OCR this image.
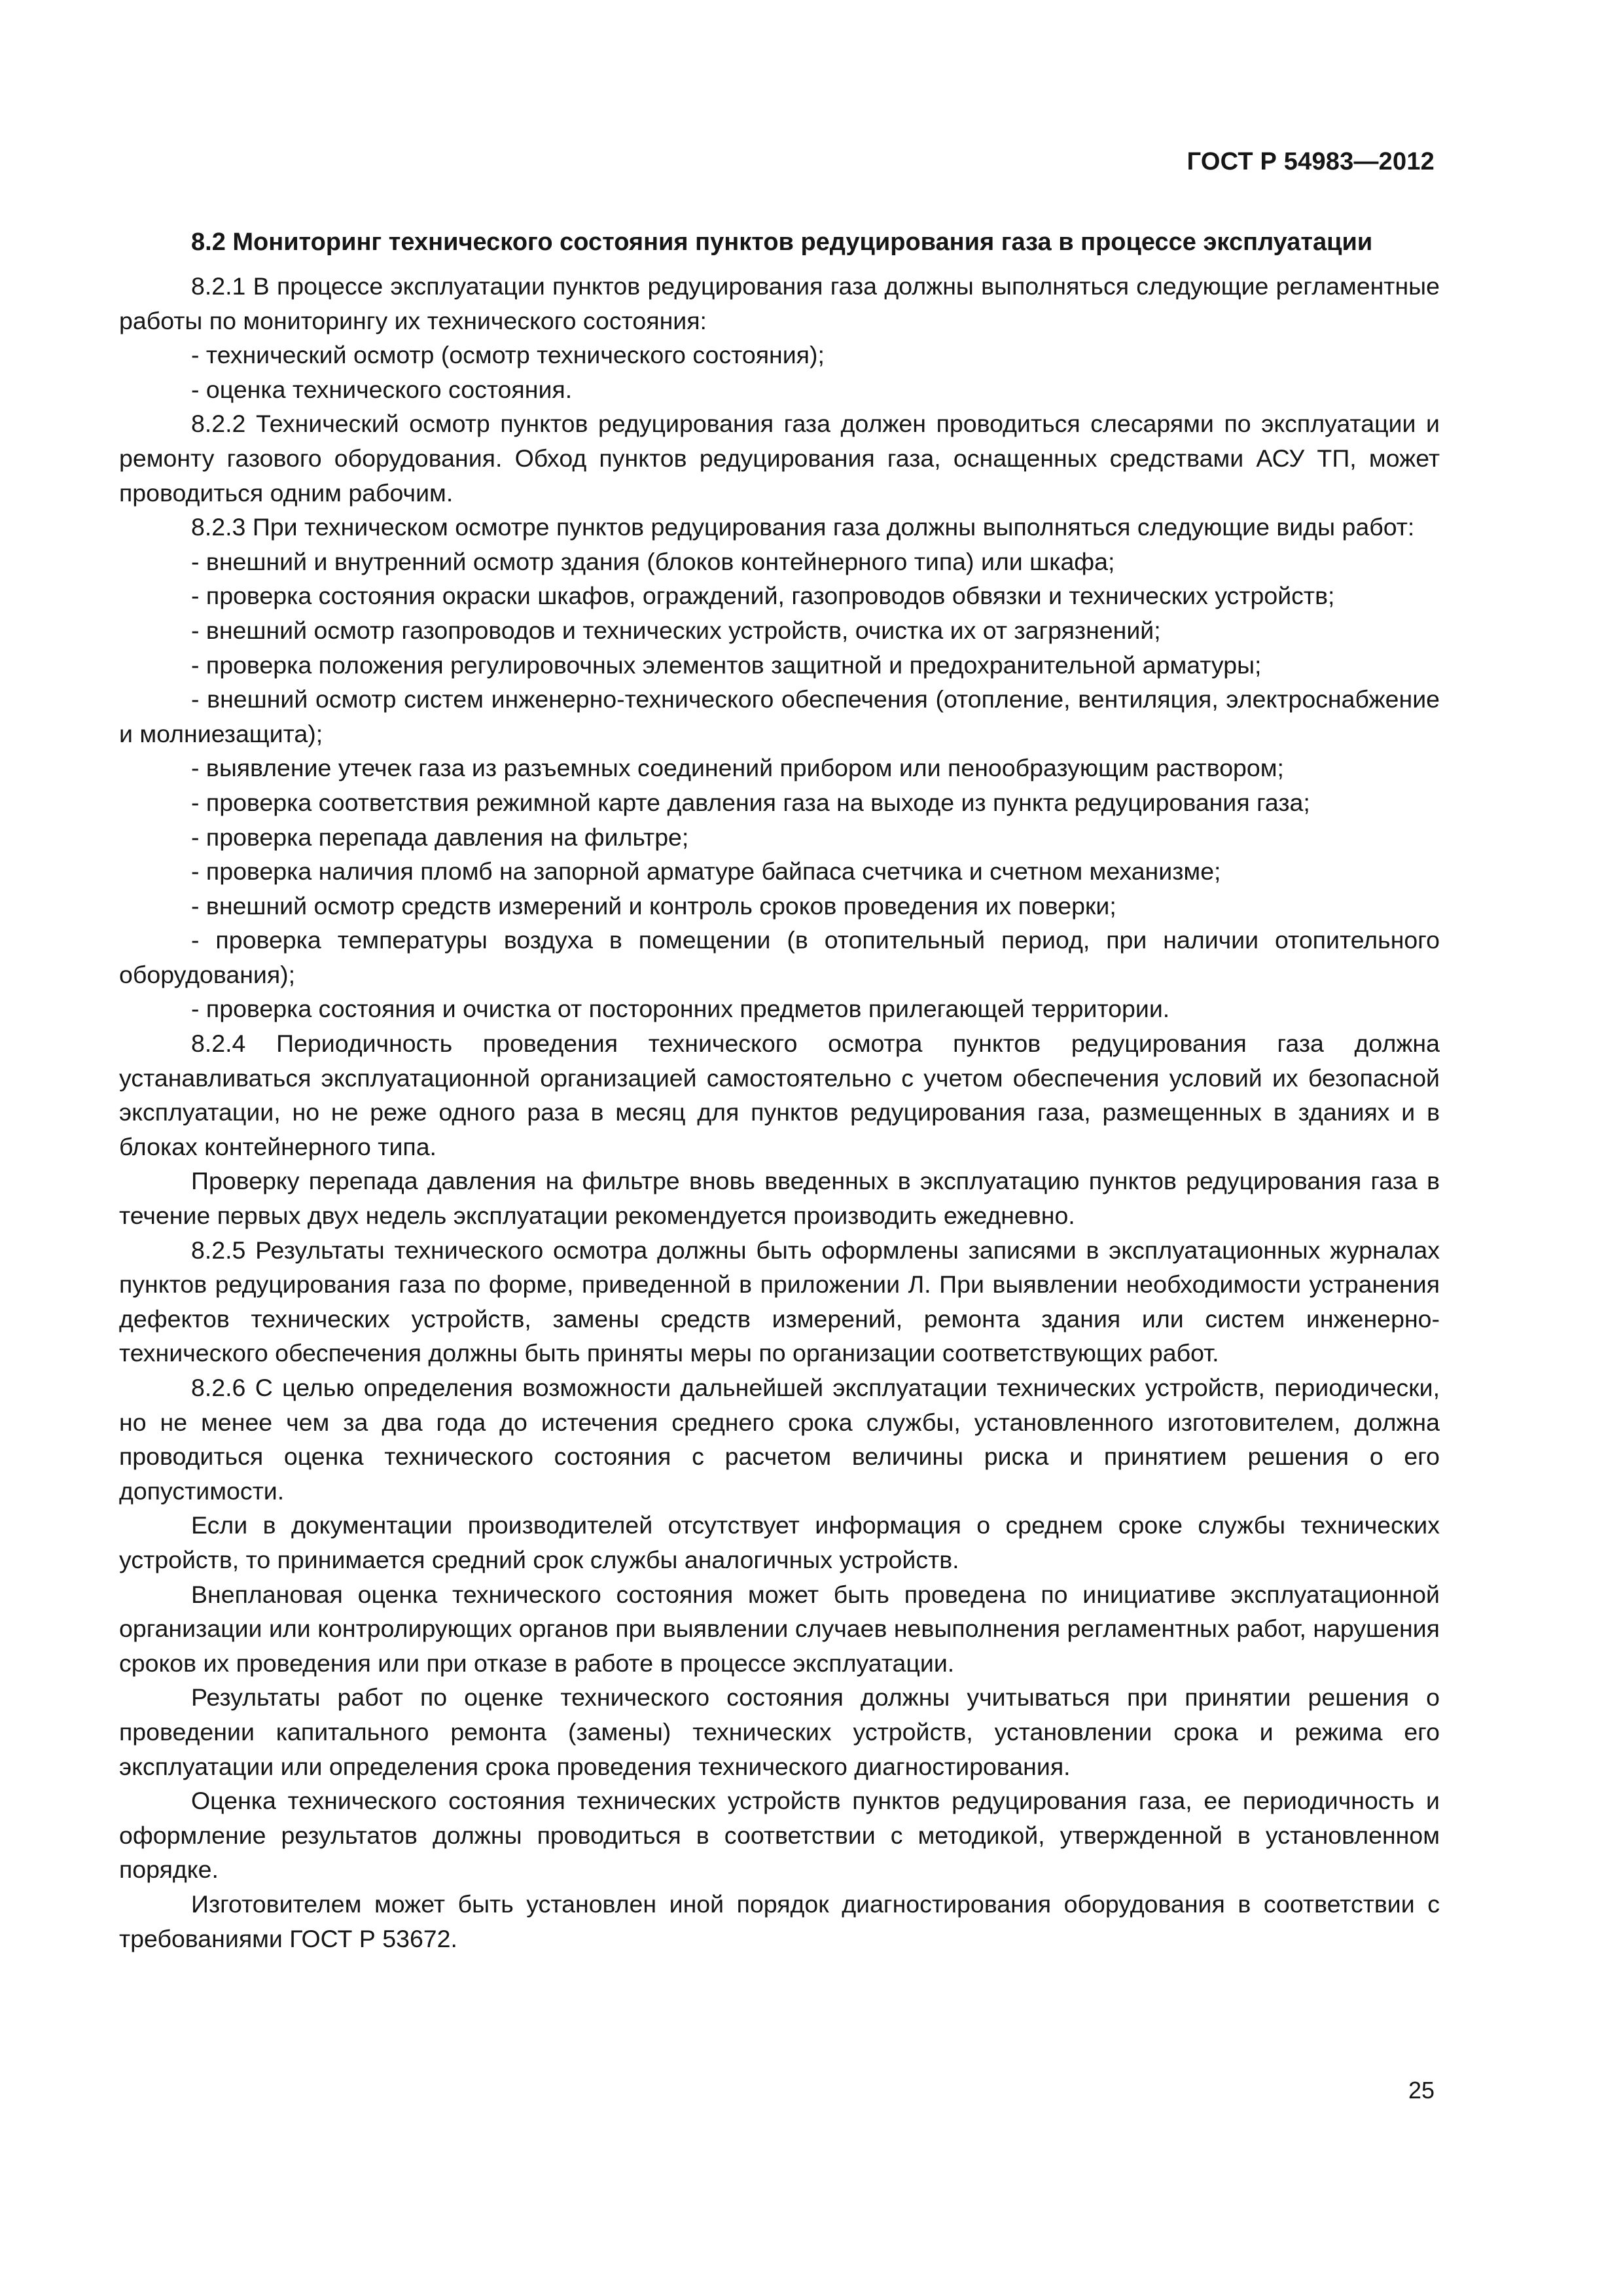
ГОСТ Р 54983—2012
8.2 Мониторинг технического состояния пунктов редуцирования газа в процессе эксплуатации

8.2.1 В процессе эксплуатации пунктов редуцирования газа должны выполняться следующие регламентные работы по мониторингу их технического состояния:

- технический осмотр (осмотр технического состояния);

- оценка технического состояния.

8.2.2 Технический осмотр пунктов редуцирования газа должен проводиться слесарями по эксплуатации и ремонту газового оборудования. Обход пунктов редуцирования газа, оснащенных средствами АСУ ТП, может проводиться одним рабочим.

8.2.3 При техническом осмотре пунктов редуцирования газа должны выполняться следующие виды работ:

- внешний и внутренний осмотр здания (блоков контейнерного типа) или шкафа;

- проверка состояния окраски шкафов, ограждений, газопроводов обвязки и технических устройств;

- внешний осмотр газопроводов и технических устройств, очистка их от загрязнений;

- проверка положения регулировочных элементов защитной и предохранительной арматуры;

- внешний осмотр систем инженерно-технического обеспечения (отопление, вентиляция, электроснабжение и молниезащита);

- выявление утечек газа из разъемных соединений прибором или пенообразующим раствором;

- проверка соответствия режимной карте давления газа на выходе из пункта редуцирования газа;

- проверка перепада давления на фильтре;

- проверка наличия пломб на запорной арматуре байпаса счетчика и счетном механизме;

- внешний осмотр средств измерений и контроль сроков проведения их поверки;

- проверка температуры воздуха в помещении (в отопительный период, при наличии отопительного оборудования);

- проверка состояния и очистка от посторонних предметов прилегающей территории.

8.2.4 Периодичность проведения технического осмотра пунктов редуцирования газа должна устанавливаться эксплуатационной организацией самостоятельно с учетом обеспечения условий их безопасной эксплуатации, но не реже одного раза в месяц для пунктов редуцирования газа, размещенных в зданиях и в блоках контейнерного типа.

Проверку перепада давления на фильтре вновь введенных в эксплуатацию пунктов редуцирования газа в течение первых двух недель эксплуатации рекомендуется производить ежедневно.

8.2.5 Результаты технического осмотра должны быть оформлены записями в эксплуатационных журналах пунктов редуцирования газа по форме, приведенной в приложении Л. При выявлении необходимости устранения дефектов технических устройств, замены средств измерений, ремонта здания или систем инженерно-технического обеспечения должны быть приняты меры по организации соответствующих работ.

8.2.6 С целью определения возможности дальнейшей эксплуатации технических устройств, периодически, но не менее чем за два года до истечения среднего срока службы, установленного изготовителем, должна проводиться оценка технического состояния с расчетом величины риска и принятием решения о его допустимости.

Если в документации производителей отсутствует информация о среднем сроке службы технических устройств, то принимается средний срок службы аналогичных устройств.

Внеплановая оценка технического состояния может быть проведена по инициативе эксплуатационной организации или контролирующих органов при выявлении случаев невыполнения регламентных работ, нарушения сроков их проведения или при отказе в работе в процессе эксплуатации.

Результаты работ по оценке технического состояния должны учитываться при принятии решения о проведении капитального ремонта (замены) технических устройств, установлении срока и режима его эксплуатации или определения срока проведения технического диагностирования.

Оценка технического состояния технических устройств пунктов редуцирования газа, ее периодичность и оформление результатов должны проводиться в соответствии с методикой, утвержденной в установленном порядке.

Изготовителем может быть установлен иной порядок диагностирования оборудования в соответствии с требованиями ГОСТ Р 53672.

25
